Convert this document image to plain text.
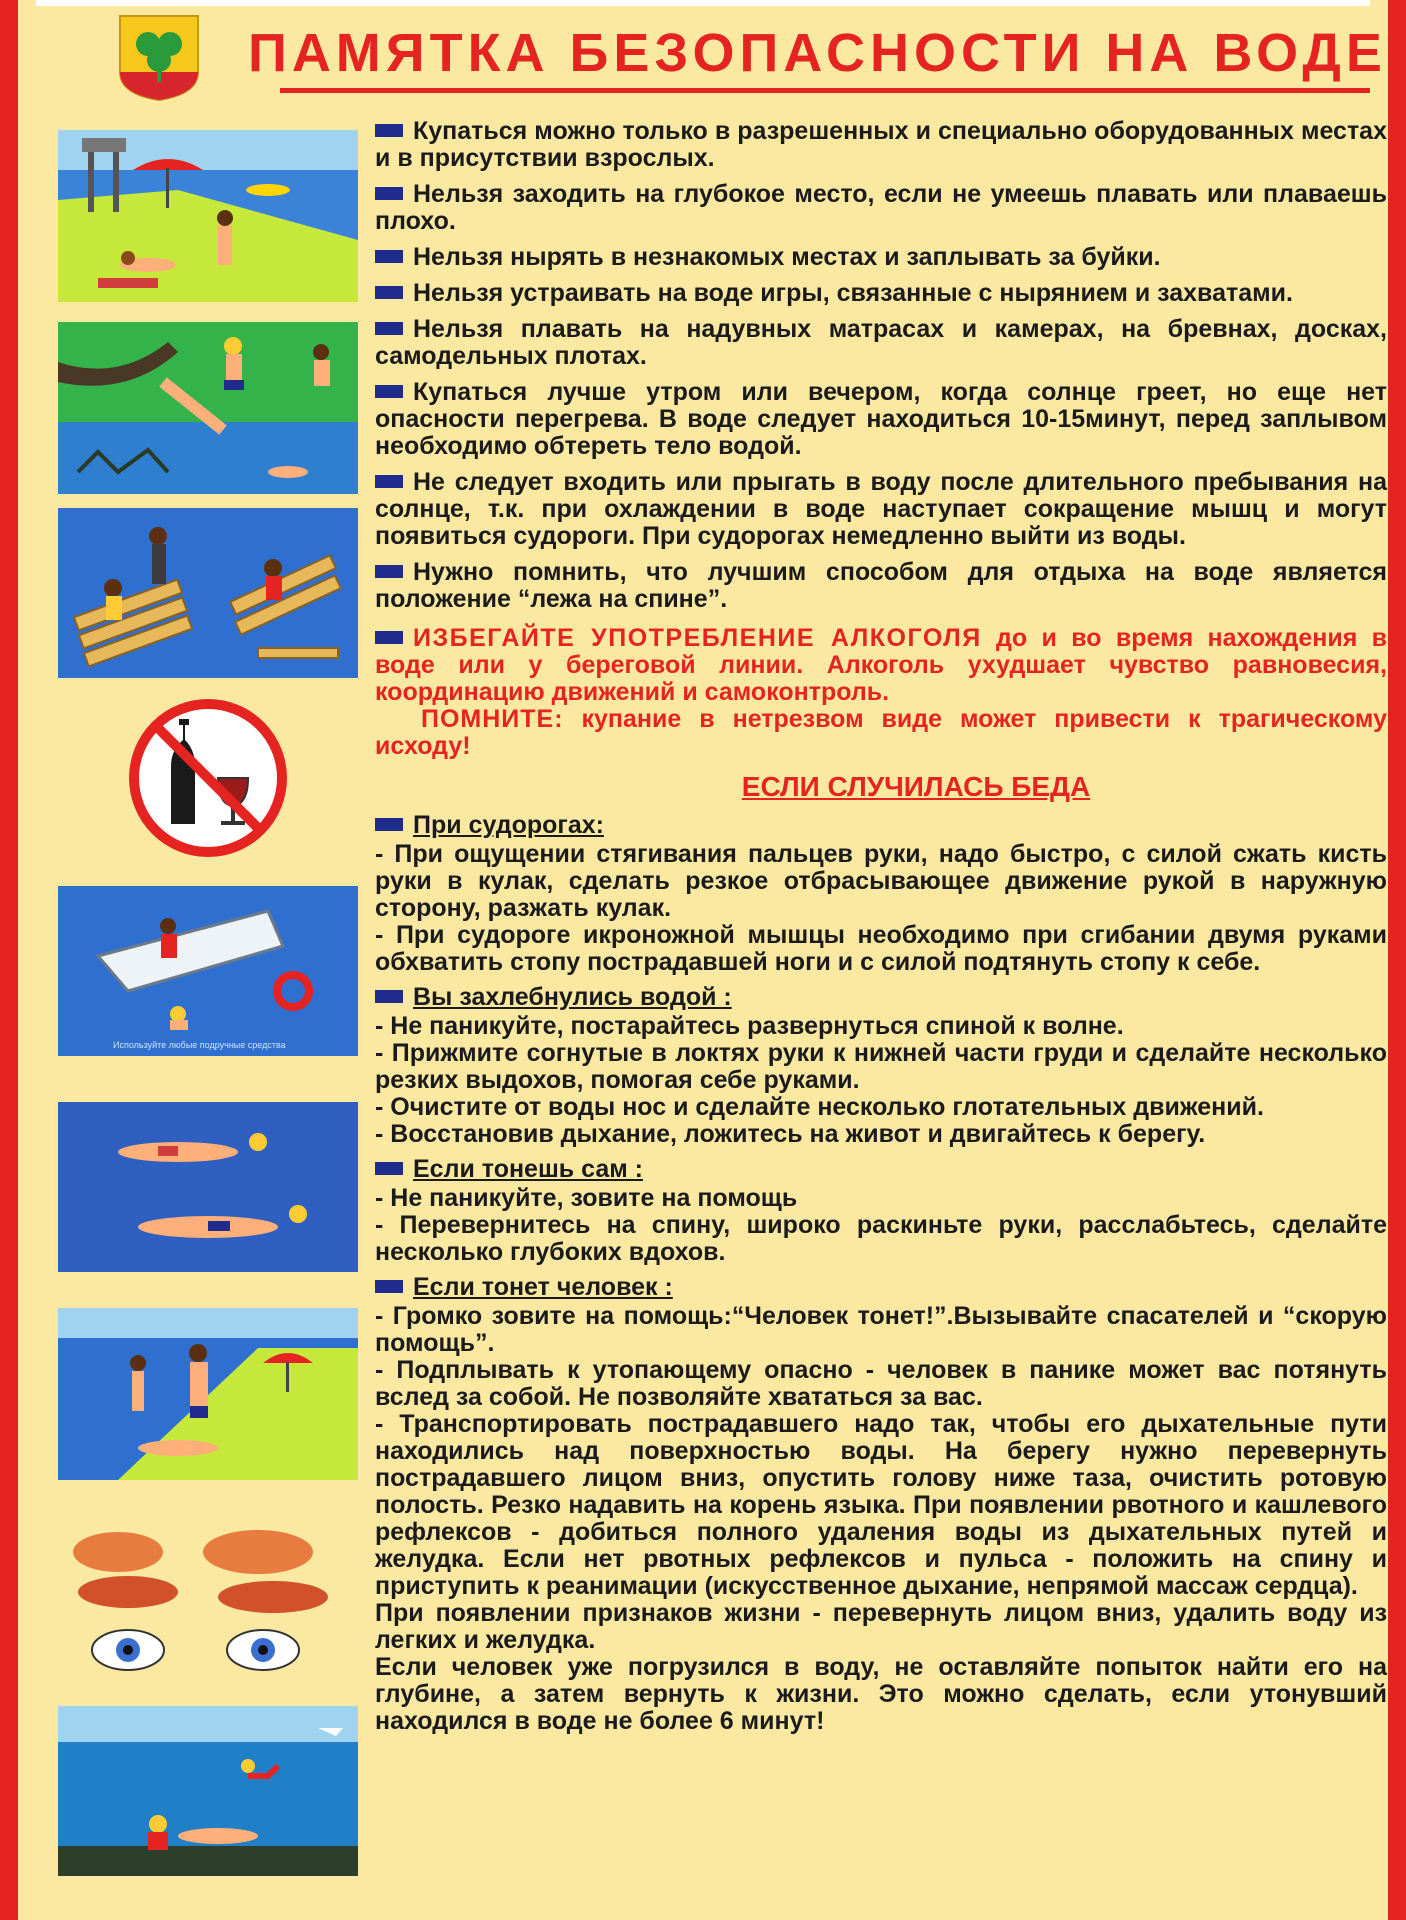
ПАМЯТКА БЕЗОПАСНОСТИ НА ВОДЕ
Используйте любые подручные средства

Купаться можно только в разрешенных и специально оборудованных местах и в присутствии взрослых.

Нельзя заходить на глубокое место, если не умеешь плавать или плаваешь плохо.

Нельзя нырять в незнакомых местах и заплывать за буйки.

Нельзя устраивать на воде игры, связанные с нырянием и захватами.

Нельзя плавать на надувных матрасах и камерах, на бревнах, досках, самодельных плотах.

Купаться лучше утром или вечером, когда солнце греет, но еще нет опасности перегрева. В воде следует находиться 10-15минут, перед заплывом необходимо обтереть тело водой.

Не следует входить или прыгать в воду после длительного пребывания на солнце, т.к. при охлаждении в воде наступает сокращение мышц и могут появиться судороги. При судорогах немедленно выйти из воды.

Нужно помнить, что лучшим способом для отдыха на воде является положение “лежа на спине”.

ИЗБЕГАЙТЕ УПОТРЕБЛЕНИЕ АЛКОГОЛЯ до и во время нахождения в воде или у береговой линии. Алкоголь ухудшает чувство равновесия, координацию движений и самоконтроль.
ПОМНИТЕ: купание в нетрезвом виде может привести к трагическому исходу!

ЕСЛИ СЛУЧИЛАСЬ БЕДА

При судорогах:

- При ощущении стягивания пальцев руки, надо быстро, с силой сжать кисть руки в кулак, сделать резкое отбрасывающее движение рукой в наружную сторону, разжать кулак.

- При судороге икроножной мышцы необходимо при сгибании двумя руками обхватить стопу пострадавшей ноги и с силой подтянуть стопу к себе.

Вы захлебнулись водой :

- Не паникуйте, постарайтесь развернуться спиной к волне.

- Прижмите согнутые в локтях руки к нижней части груди и сделайте несколько резких выдохов, помогая себе руками.

- Очистите от воды нос и сделайте несколько глотательных движений.

- Восстановив дыхание, ложитесь на живот и двигайтесь к берегу.

Если тонешь сам :

- Не паникуйте, зовите на помощь

- Перевернитесь на спину, широко раскиньте руки, расслабьтесь, сделайте несколько глубоких вдохов.

Если тонет человек :

- Громко зовите на помощь:“Человек тонет!”.Вызывайте спасателей и “скорую помощь”.

- Подплывать к утопающему опасно - человек в панике может вас потянуть вслед за собой. Не позволяйте хвататься за вас.

- Транспортировать пострадавшего надо так, чтобы его дыхательные пути находились над поверхностью воды. На берегу нужно перевернуть пострадавшего лицом вниз, опустить голову ниже таза, очистить ротовую полость. Резко надавить на корень языка. При появлении рвотного и кашлевого рефлексов - добиться полного удаления воды из дыхательных путей и желудка. Если нет рвотных рефлексов и пульса - положить на спину и приступить к реанимации (искусственное дыхание, непрямой массаж сердца).

При появлении признаков жизни - перевернуть лицом вниз, удалить воду из легких и желудка.

Если человек уже погрузился в воду, не оставляйте попыток найти его на глубине, а затем вернуть к жизни. Это можно сделать, если утонувший находился в воде не более 6 минут!
